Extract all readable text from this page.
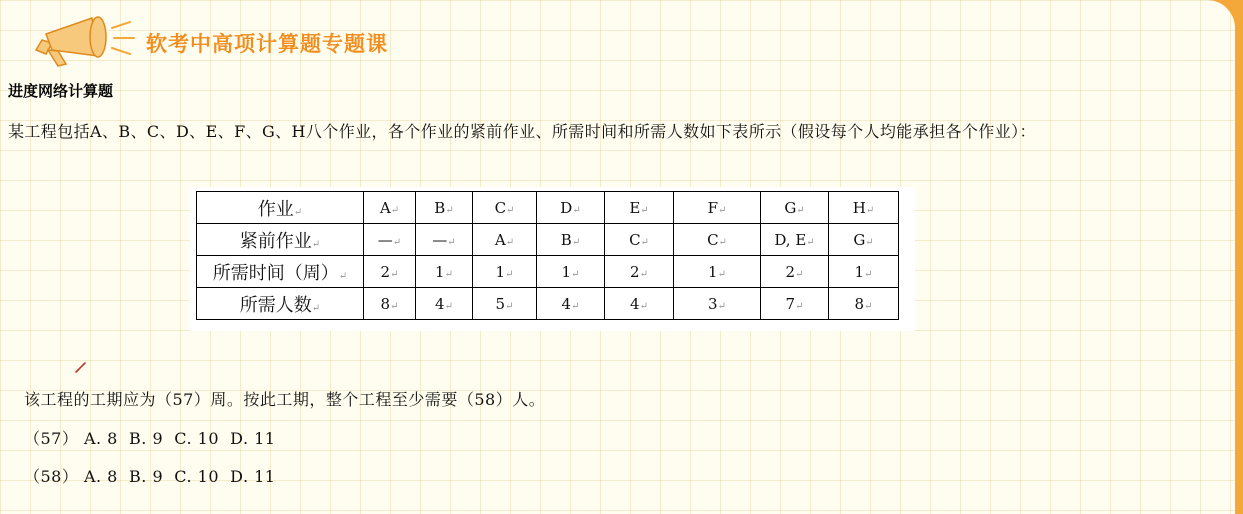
软考中高项计算题专题课
进度网络计算题
某工程包括A、B、C、D、E、F、G、H八个作业，各个作业的紧前作业、所需时间和所需人数如下表所示（假设每个人均能承担各个作业）：
作业↵	A↵	B↵	C↵	D↵	E↵	F↵	G↵	H↵
紧前作业↵	—↵	—↵	A↵	B↵	C↵	C↵	D, E↵	G↵
所需时间（周）↵	2↵	1↵	1↵	1↵	2↵	1↵	2↵	1↵
所需人数↵	8↵	4↵	5↵	4↵	4↵	3↵	7↵	8↵
该工程的工期应为（57）周。按此工期，整个工程至少需要（58）人。
（57） A. 8  B. 9  C. 10  D. 11
（58） A. 8  B. 9  C. 10  D. 11
